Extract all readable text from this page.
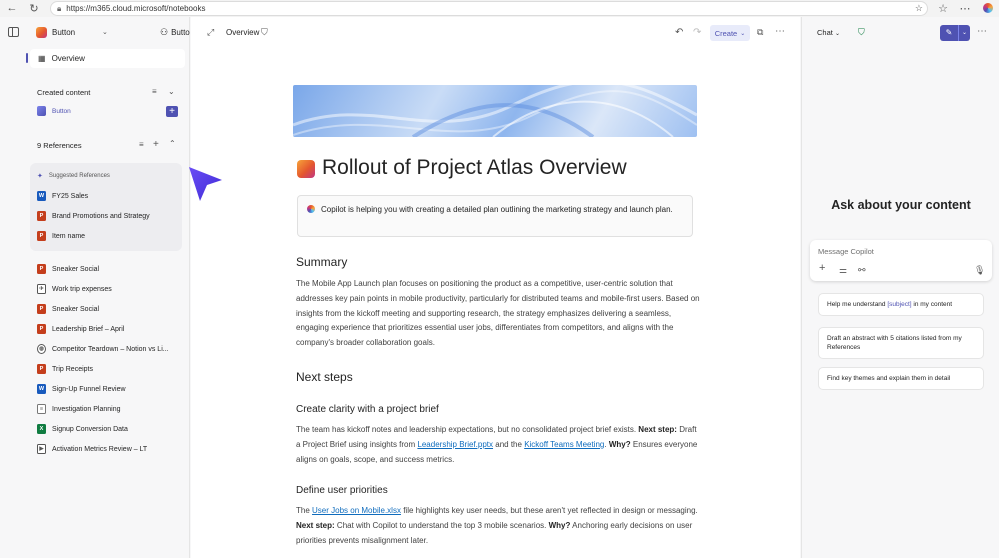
←	↻	🔒︎ https://m365.cloud.microsoft/notebooks	☆ ☆ ⋯
Button	⌄	⚇ Butto
▦ Overview
Created content	≡ ⌄
Button	+
9 References	≡ + ⌃
✦ Suggested References
W FY25 Sales
P	Brand Promotions and Strategy
P	Item name
P	Sneaker Social
✈	Work trip expenses
P	Sneaker Social
P	Leadership Brief – April
◍ Competitor Teardown – Notion vs Li...
P	Trip Receipts
W Sign-Up Funnel Review
≡	Investigation Planning
X	Signup Conversion Data
▶	Activation Metrics Review – LT
⤢ Overview ⛉	↶ ↷ Create ⌄ ⧉ ⋯
Rollout of Project Atlas Overview

Copilot is helping you with creating a detailed plan outlining the marketing strategy and launch plan.

Summary

The Mobile App Launch plan focuses on positioning the product as a competitive, user-centric solution that addresses key pain points in mobile productivity, particularly for distributed teams and mobile-first users. Based on insights from the kickoff meeting and supporting research, the strategy emphasizes delivering a seamless, engaging experience that prioritizes essential user jobs, differentiates from competitors, and aligns with the company's broader collaboration goals.

Next steps
Create clarity with a project brief

The team has kickoff notes and leadership expectations, but no consolidated project brief exists. Next step: Draft a Project Brief using insights from Leadership Brief.pptx and the Kickoff Teams Meeting. Why? Ensures everyone aligns on goals, scope, and success metrics.

Define user priorities

The User Jobs on Mobile.xlsx file highlights key user needs, but these aren't yet reflected in design or messaging. Next step: Chat with Copilot to understand the top 3 mobile scenarios. Why? Anchoring early decisions on user priorities prevents misalignment later.

Chat ⌄ ⛉	✎	⌄ ⋯
Ask about your content
Message Copilot
+ ⚌ ⚯	🎙︎
Help me understand [subject] in my content
Draft an abstract with 5 citations listed from my References
Find key themes and explain them in detail
